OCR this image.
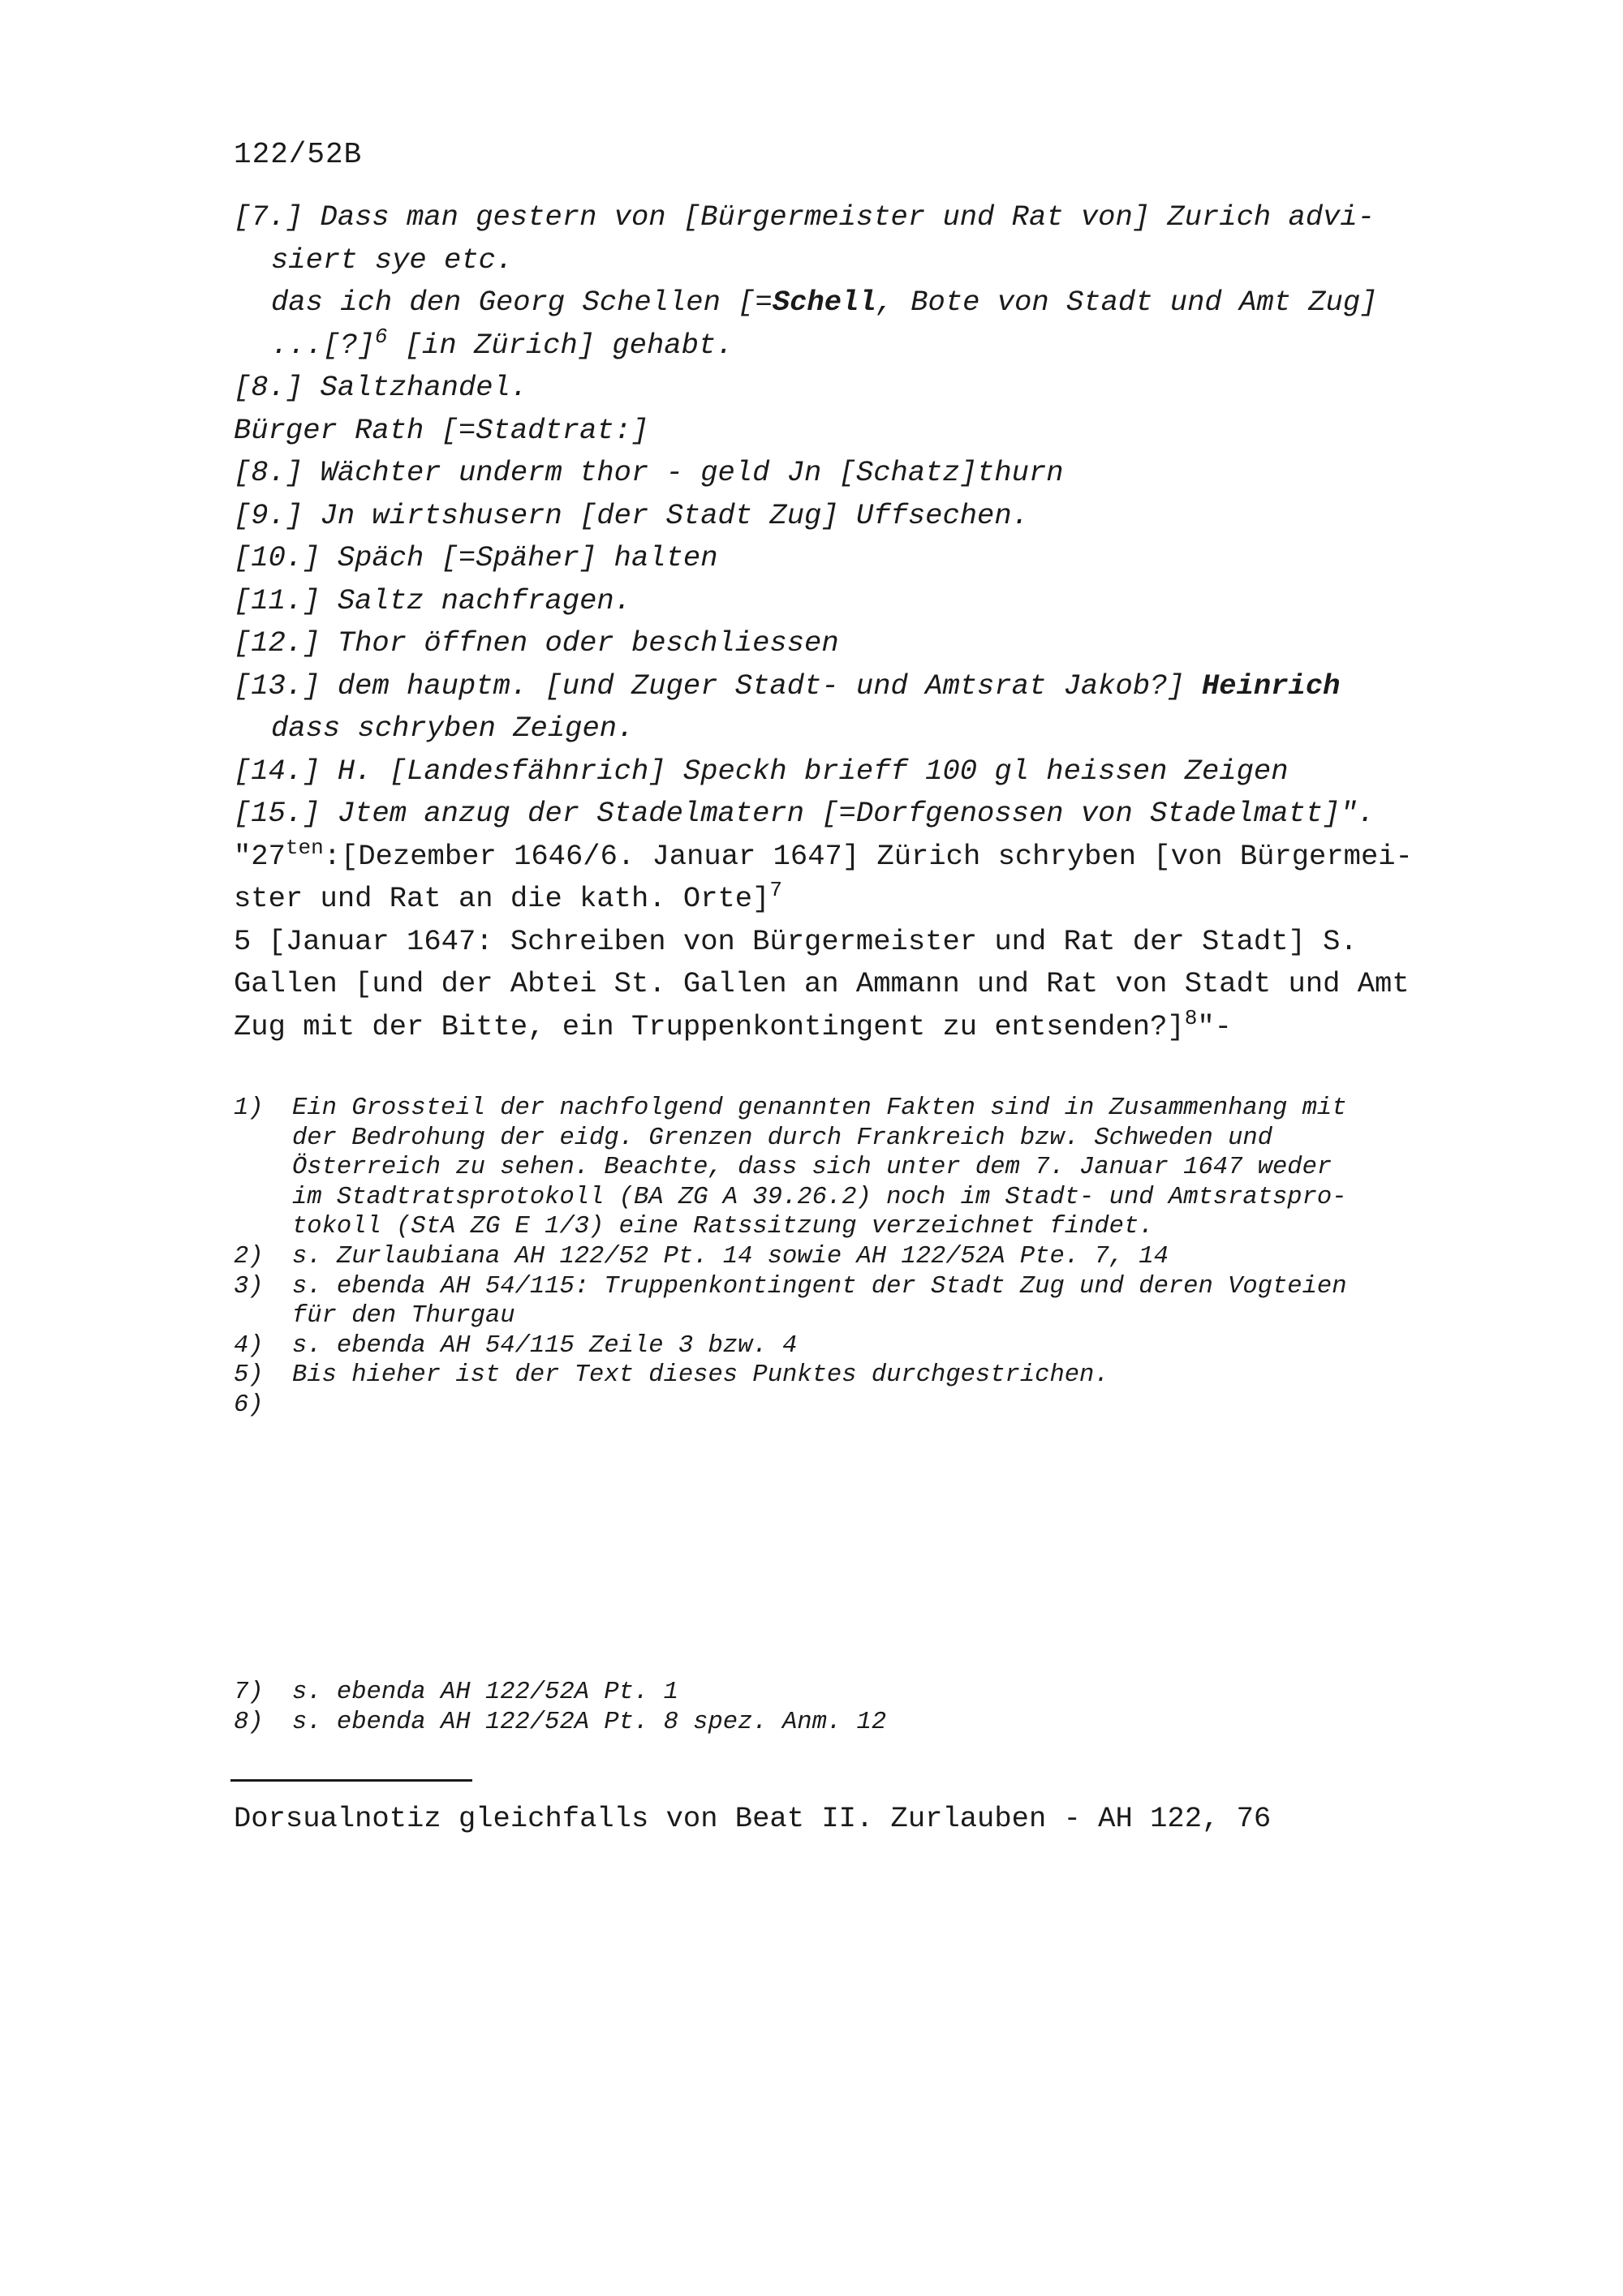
122/52B
[7.] Dass man gestern von [Bürgermeister und Rat von] Zurich advi-
siert sye etc.
das ich den Georg Schellen [=Schell, Bote von Stadt und Amt Zug]
...[?]$^6$ [in Zürich] gehabt.
[8.] Saltzhandel.
Bürger Rath [=Stadtrat:]
[8.] Wächter underm thor - geld Jn [Schatz]thurn
[9.] Jn wirtshusern [der Stadt Zug] Uffsechen.
[10.] Späch [=Späher] halten
[11.] Saltz nachfragen.
[12.] Thor öffnen oder beschliessen
[13.] dem hauptm. [und Zuger Stadt- und Amtsrat Jakob?] Heinrich
dass schryben Zeigen.
[14.] H. [Landesfähnrich] Speckh brieff 100 gl heissen Zeigen
[15.] Jtem anzug der Stadelmatern [=Dorfgenossen von Stadelmatt]".
"$27^{ten}:[Dezember$ 1646/6. Januar 1647] Zürich schryben [von Bürgermei-
ster und Rat an die kath. Orte]$^7$
5 [Januar 1647: Schreiben von Bürgermeister und Rat der Stadt] S.
Gallen [und der Abtei St. Gallen an Ammann und Rat von Stadt und Amt
Zug mit der Bitte, ein Truppenkontingent zu entsenden?]$^8$"-
1)	Ein Grossteil der nachfolgend genannten Fakten sind in Zusammenhang mit
der Bedrohung der eidg. Grenzen durch Frankreich bzw. Schweden und
Österreich zu sehen. Beachte, dass sich unter dem 7. Januar 1647 weder
im Stadtratsprotokoll (BA ZG A 39.26.2) noch im Stadt- und Amtsratspro-
tokoll (StA ZG E 1/3) eine Ratssitzung verzeichnet findet.
2)	s. Zurlaubiana AH 122/52 Pt. 14 sowie AH 122/52A Pte. 7, 14
3)	s. ebenda AH 54/115: Truppenkontingent der Stadt Zug und deren Vogteien
für den Thurgau
4)	s. ebenda AH 54/115 Zeile 3 bzw. 4
5)	Bis hieher ist der Text dieses Punktes durchgestrichen.
6)
7)	s. ebenda AH 122/52A Pt. 1
8)	s. ebenda AH 122/52A Pt. 8 spez. Anm. 12
Dorsualnotiz gleichfalls von Beat II. Zurlauben - AH 122, 76
